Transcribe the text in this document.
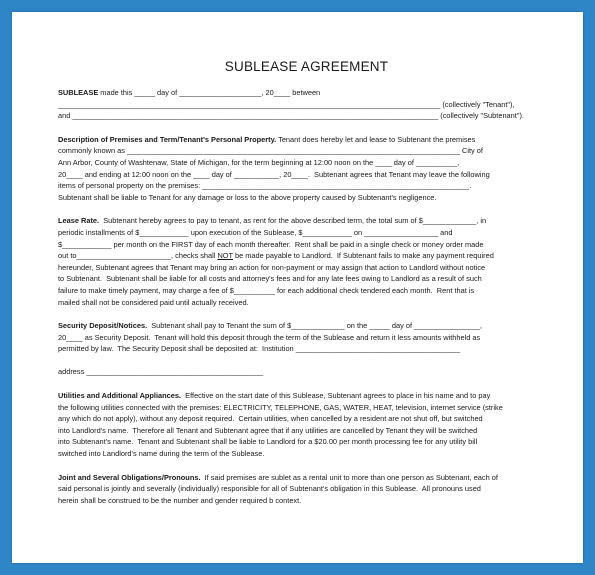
SUBLEASE AGREEMENT
SUBLEASE made this _____ day of ____________________, 20____ between
_____________________________________________________________________________________________ (collectively "Tenant"),
and _________________________________________________________________________________________ (collectively "Subtenant").
Description of Premises and Term/Tenant's Personal Property. Tenant does hereby let and lease to Subtenant the premises
commonly known as _________________________________________________________________________________ City of
Ann Arbor, County of Washtenaw, State of Michigan, for the term beginning at 12:00 noon on the ____ day of __________,
20____ and ending at 12:00 noon on the ____ day of ___________, 20____.  Subtenant agrees that Tenant may leave the following
items of personal property on the premises: _________________________________________________________________.
Subtenant shall be liable to Tenant for any damage or loss to the above property caused by Subtenant's negligence.
Lease Rate.  Subtenant hereby agrees to pay to tenant, as rent for the above described term, the total sum of $_____________, in
periodic installments of $____________ upon execution of the Sublease, $____________ on __________________ and
$____________ per month on the FIRST day of each month thereafter.  Rent shall be paid in a single check or money order made
out to_______________________, checks shall NOT be made payable to Landlord.  If Subtenant fails to make any payment required
hereunder, Subtenant agrees that Tenant may bring an action for non-payment or may assign that action to Landlord without notice
to Subtenant.  Subtenant shall be liable for all costs and attorney's fees and for any late fees owing to Landlord as a result of such
failure to make timely payment, may charge a fee of $__________ for each additional check tendered each month.  Rent that is
mailed shall not be considered paid until actually received.
Security Deposit/Notices.  Subtenant shall pay to Tenant the sum of $_____________ on the _____ day of ________________,
20____ as Security Deposit.  Tenant will hold this deposit through the term of the Sublease and return it less amounts withheld as
permitted by law.  The Security Deposit shall be deposited at:  Institution ________________________________________
address ___________________________________________
Utilities and Additional Appliances.  Effective on the start date of this Sublease, Subtenant agrees to place in his name and to pay
the following utilities connected with the premises: ELECTRICITY, TELEPHONE, GAS, WATER, HEAT, television, internet service (strike
any which do not apply), without any deposit required.  Certain utilities, when cancelled by a resident are not shut off, but switched
into Landlord's name.  Therefore all Tenant and Subtenant agree that if any utilities are cancelled by Tenant they will be switched
into Subtenant's name.  Tenant and Subtenant shall be liable to Landlord for a $20.00 per month processing fee for any utility bill
switched into Landlord's name during the term of the Sublease.
Joint and Several Obligations/Pronouns.  If said premises are sublet as a rental unit to more than one person as Subtenant, each of
said personal is jointly and severally (individually) responsible for all of Subtenant's obligation in this Sublease.  All pronouns used
herein shall be construed to be the number and gender required b context.
